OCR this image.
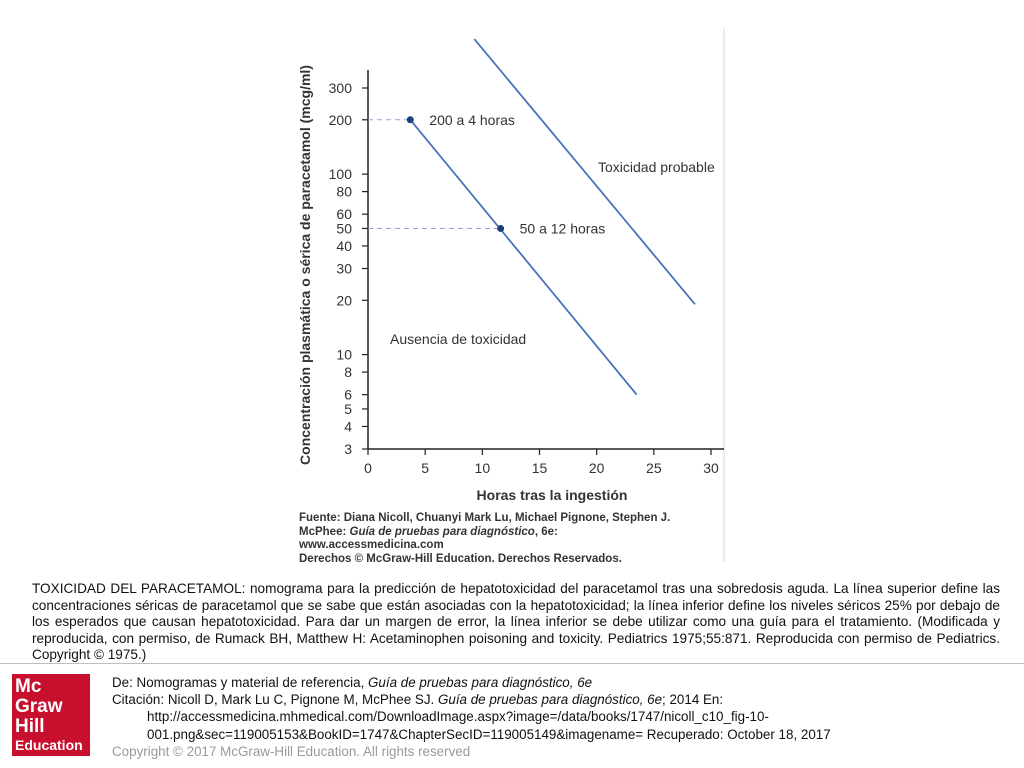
3
4
5
6
8
10
20
30
40
50
60
80
100
200
300
0	5	10	15	20	25	30
200 a 4 horas
50 a 12 horas
Concentración plasmática o sérica de paracetamol (mcg/ml)
Horas tras la ingestión
Toxicidad probable
Ausencia de toxicidad
Fuente: Diana Nicoll, Chuanyi Mark Lu, Michael Pignone, Stephen J.
McPhee: Guía de pruebas para diagnóstico, 6e:
www.accessmedicina.com
Derechos © McGraw-Hill Education. Derechos Reservados.
TOXICIDAD DEL PARACETAMOL: nomograma para la predicción de hepatotoxicidad del paracetamol tras una sobredosis aguda. La línea superior define las concentraciones séricas de paracetamol que se sabe que están asociadas con la hepatotoxicidad; la línea inferior define los niveles séricos 25% por debajo de los esperados que causan hepatotoxicidad. Para dar un margen de error, la línea inferior se debe utilizar como una guía para el tratamiento. (Modificada y reproducida, con permiso, de Rumack BH, Matthew H: Acetaminophen poisoning and toxicity. Pediatrics 1975;55:871. Reproducida con permiso de Pediatrics. Copyright © 1975.)
Mc
Graw
Hill
Education
De: Nomogramas y material de referencia, Guía de pruebas para diagnóstico, 6e
Citación: Nicoll D, Mark Lu C, Pignone M, McPhee SJ. Guía de pruebas para diagnóstico, 6e; 2014 En:
http://accessmedicina.mhmedical.com/DownloadImage.aspx?image=/data/books/1747/nicoll_c10_fig-10-
001.png&sec=119005153&BookID=1747&ChapterSecID=119005149&imagename= Recuperado: October 18, 2017
Copyright © 2017 McGraw-Hill Education. All rights reserved
